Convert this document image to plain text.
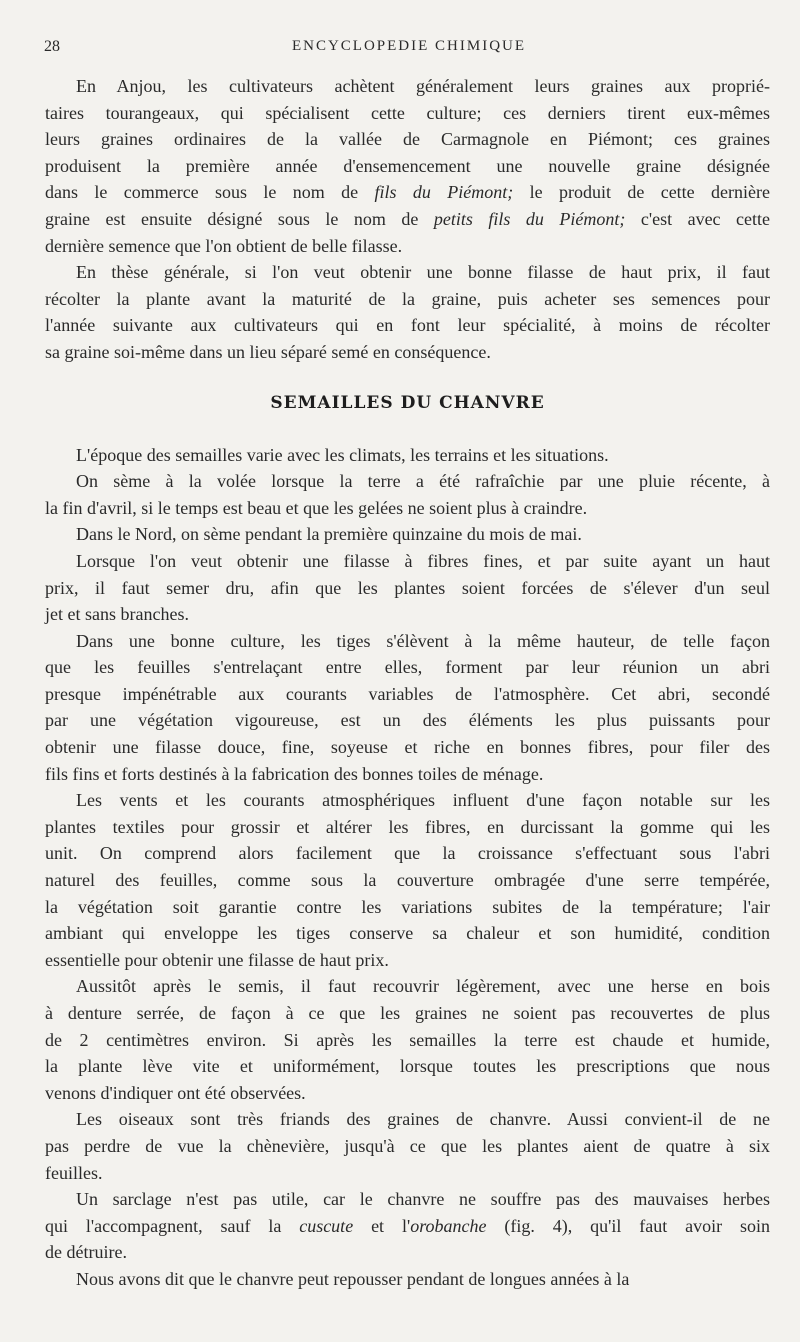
28	ENCYCLOPEDIE CHIMIQUE
En Anjou, les cultivateurs achètent généralement leurs graines aux proprié-
taires tourangeaux, qui spécialisent cette culture; ces derniers tirent eux-mêmes
leurs graines ordinaires de la vallée de Carmagnole en Piémont; ces graines
produisent la première année d'ensemencement une nouvelle graine désignée
dans le commerce sous le nom de fils du Piémont; le produit de cette dernière
graine est ensuite désigné sous le nom de petits fils du Piémont; c'est avec cette
dernière semence que l'on obtient de belle filasse.
En thèse générale, si l'on veut obtenir une bonne filasse de haut prix, il faut
récolter la plante avant la maturité de la graine, puis acheter ses semences pour
l'année suivante aux cultivateurs qui en font leur spécialité, à moins de récolter
sa graine soi-même dans un lieu séparé semé en conséquence.
SEMAILLES DU CHANVRE
L'époque des semailles varie avec les climats, les terrains et les situations.
On sème à la volée lorsque la terre a été rafraîchie par une pluie récente, à
la fin d'avril, si le temps est beau et que les gelées ne soient plus à craindre.
Dans le Nord, on sème pendant la première quinzaine du mois de mai.
Lorsque l'on veut obtenir une filasse à fibres fines, et par suite ayant un haut
prix, il faut semer dru, afin que les plantes soient forcées de s'élever d'un seul
jet et sans branches.
Dans une bonne culture, les tiges s'élèvent à la même hauteur, de telle façon
que les feuilles s'entrelaçant entre elles, forment par leur réunion un abri
presque impénétrable aux courants variables de l'atmosphère. Cet abri, secondé
par une végétation vigoureuse, est un des éléments les plus puissants pour
obtenir une filasse douce, fine, soyeuse et riche en bonnes fibres, pour filer des
fils fins et forts destinés à la fabrication des bonnes toiles de ménage.
Les vents et les courants atmosphériques influent d'une façon notable sur les
plantes textiles pour grossir et altérer les fibres, en durcissant la gomme qui les
unit. On comprend alors facilement que la croissance s'effectuant sous l'abri
naturel des feuilles, comme sous la couverture ombragée d'une serre tempérée,
la végétation soit garantie contre les variations subites de la température; l'air
ambiant qui enveloppe les tiges conserve sa chaleur et son humidité, condition
essentielle pour obtenir une filasse de haut prix.
Aussitôt après le semis, il faut recouvrir légèrement, avec une herse en bois
à denture serrée, de façon à ce que les graines ne soient pas recouvertes de plus
de 2 centimètres environ. Si après les semailles la terre est chaude et humide,
la plante lève vite et uniformément, lorsque toutes les prescriptions que nous
venons d'indiquer ont été observées.
Les oiseaux sont très friands des graines de chanvre. Aussi convient-il de ne
pas perdre de vue la chènevière, jusqu'à ce que les plantes aient de quatre à six
feuilles.
Un sarclage n'est pas utile, car le chanvre ne souffre pas des mauvaises herbes
qui l'accompagnent, sauf la cuscute et l'orobanche (fig. 4), qu'il faut avoir soin
de détruire.
Nous avons dit que le chanvre peut repousser pendant de longues années à la
